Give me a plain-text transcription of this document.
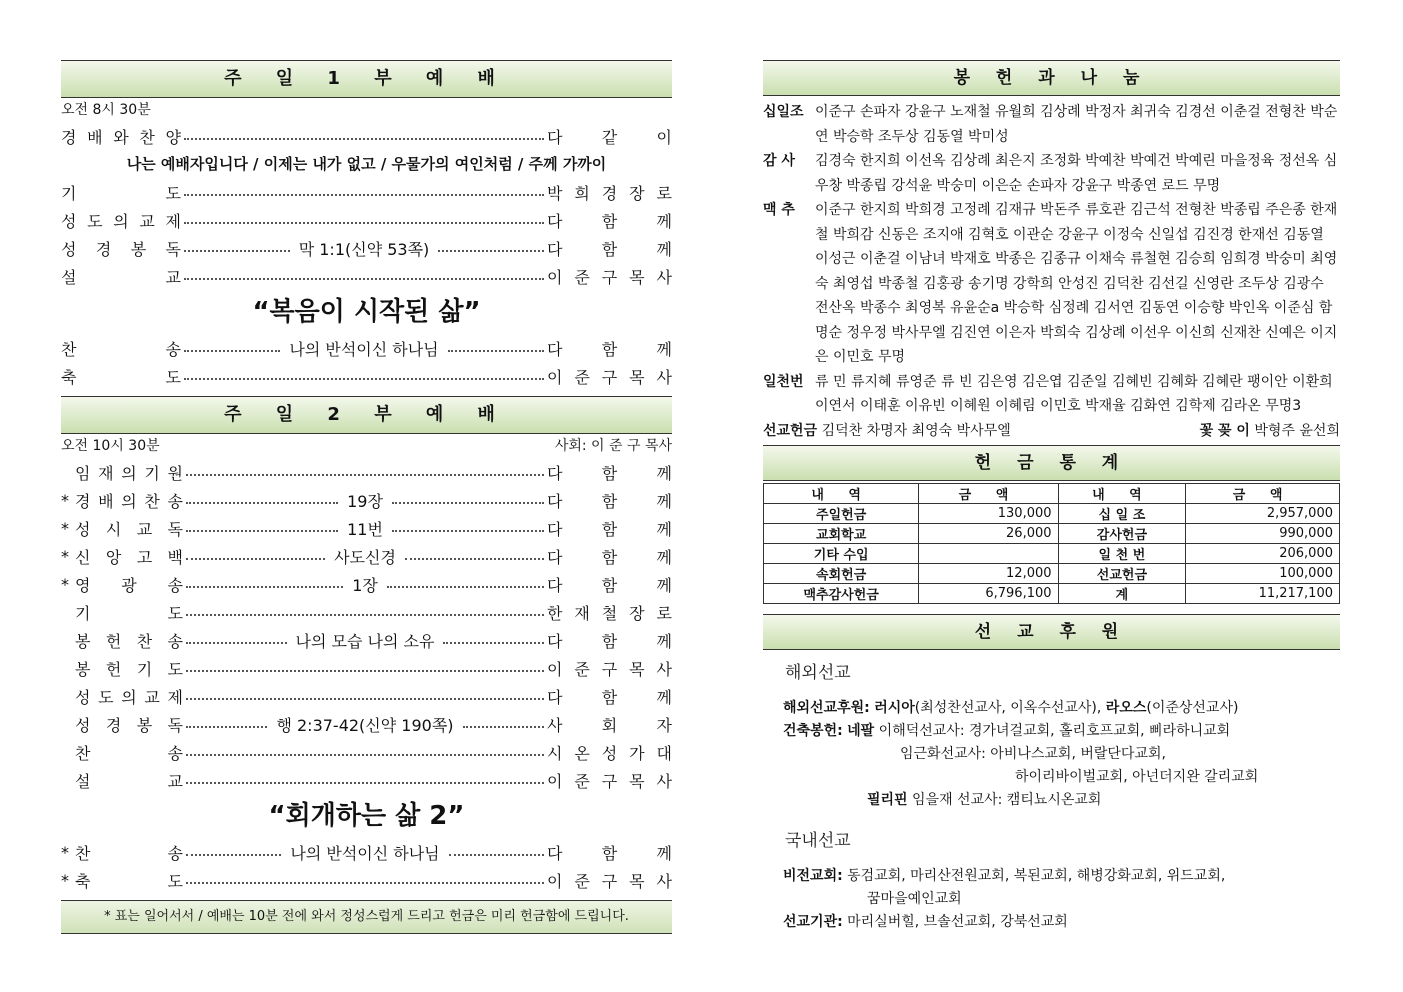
주 일 1 부 예 배
오전 8시 30분
경 배 와 찬 양	다 같 이
나는 예배자입니다 / 이제는 내가 없고 / 우물가의 여인처럼 / 주께 가까이
기	도	박 희 경 장 로
성 도 의 교 제	다 함 께
성 경 봉 독	막 1:1(신약 53쪽)	다 함 께
설	교	이 준 구 목 사
“복음이 시작된 삶”
찬	송	나의 반석이신 하나님	다 함 께
축	도	이 준 구 목 사
주 일 2 부 예 배
오전 10시 30분	사회: 이 준 구 목사
임 재 의 기 원	다 함 께
* 경 배 의 찬 송	19장	다 함 께
* 성 시 교 독	11번	다 함 께
* 신 앙 고 백	사도신경	다 함 께
* 영 광 송	1장	다 함 께
기	도	한 재 철 장 로
봉 헌 찬 송	나의 모습 나의 소유	다 함 께
봉 헌 기 도	이 준 구 목 사
성 도 의 교 제	다 함 께
성 경 봉 독	행 2:37-42(신약 190쪽)	사 회 자
찬	송	시 온 성 가 대
설	교	이 준 구 목 사
“회개하는 삶 2”
* 찬	송	나의 반석이신 하나님	다 함 께
* 축	도	이 준 구 목 사
* 표는 일어서서 / 예배는 10분 전에 와서 정성스럽게 드리고 헌금은 미리 헌금함에 드립니다.
봉 헌 과 나 눔
십일조 이준구 손파자 강윤구 노재철 유월희 김상례 박정자 최귀숙 김경선 이춘걸 전형찬 박순연 박승학 조두상 김동열 박미성
감 사	김경숙 한지희 이선옥 김상례 최은지 조정화 박예찬 박예건 박예린 마을정육 정선옥 심우창 박종립 강석윤 박숭미 이은순 손파자 강윤구 박종연 로드 무명
맥 추	이준구 한지희 박희경 고정례 김재규 박돈주 류호관 김근석 전형찬 박종립 주은종 한재철 박희감 신동은 조지애 김혁호 이관순 강윤구 이정숙 신일섭 김진경 한재선 김동열 이성근 이춘걸 이남녀 박재호 박종은 김종규 이채숙 류철현 김승희 임희경 박숭미 최영숙 최영섭 박종철 김홍광 송기명 강학희 안성진 김덕찬 김선길 신영란 조두상 김광수 전산옥 박종수 최영복 유윤순a 박승학 심정례 김서연 김동연 이승향 박인옥 이준심 함명순 정우정 박사무엘 김진연 이은자 박희숙 김상례 이선우 이신희 신재찬 신예은 이지은 이민호 무명
일천번 류 민 류지혜 류영준 류 빈 김은영 김은엽 김준일 김혜빈 김혜화 김혜란 팽이안 이환희 이연서 이태훈 이유빈 이혜원 이혜림 이민호 박재율 김화연 김학제 김라온 무명3
선교헌금 김덕찬 차명자 최영숙 박사무엘	꽃 꽂 이 박형주 윤선희
헌 금 통 계
내 역	금 액	내 역	금 액
주일헌금	130,000	십 일 조	2,957,000
교회학교	26,000	감사헌금	990,000
기타 수입		일 천 번	206,000
속회헌금	12,000	선교헌금	100,000
맥추감사헌금	6,796,100	계	11,217,100
선 교 후 원
해외선교
해외선교후원: 러시아(최성찬선교사, 이옥수선교사), 라오스(이준상선교사)
건축봉헌: 네팔 이해덕선교사: 경가녀걸교회, 홀리호프교회, 삐라하니교회
임근화선교사: 아비나스교회, 버랄단다교회,
하이리바이벌교회, 아넌더지완 갈리교회
필리핀 임을재 선교사: 캠티뇨시온교회
국내선교
비전교회: 동검교회, 마리산전원교회, 복된교회, 해병강화교회, 위드교회,
꿈마을예인교회
선교기관: 마리실버힐, 브솔선교회, 강북선교회
